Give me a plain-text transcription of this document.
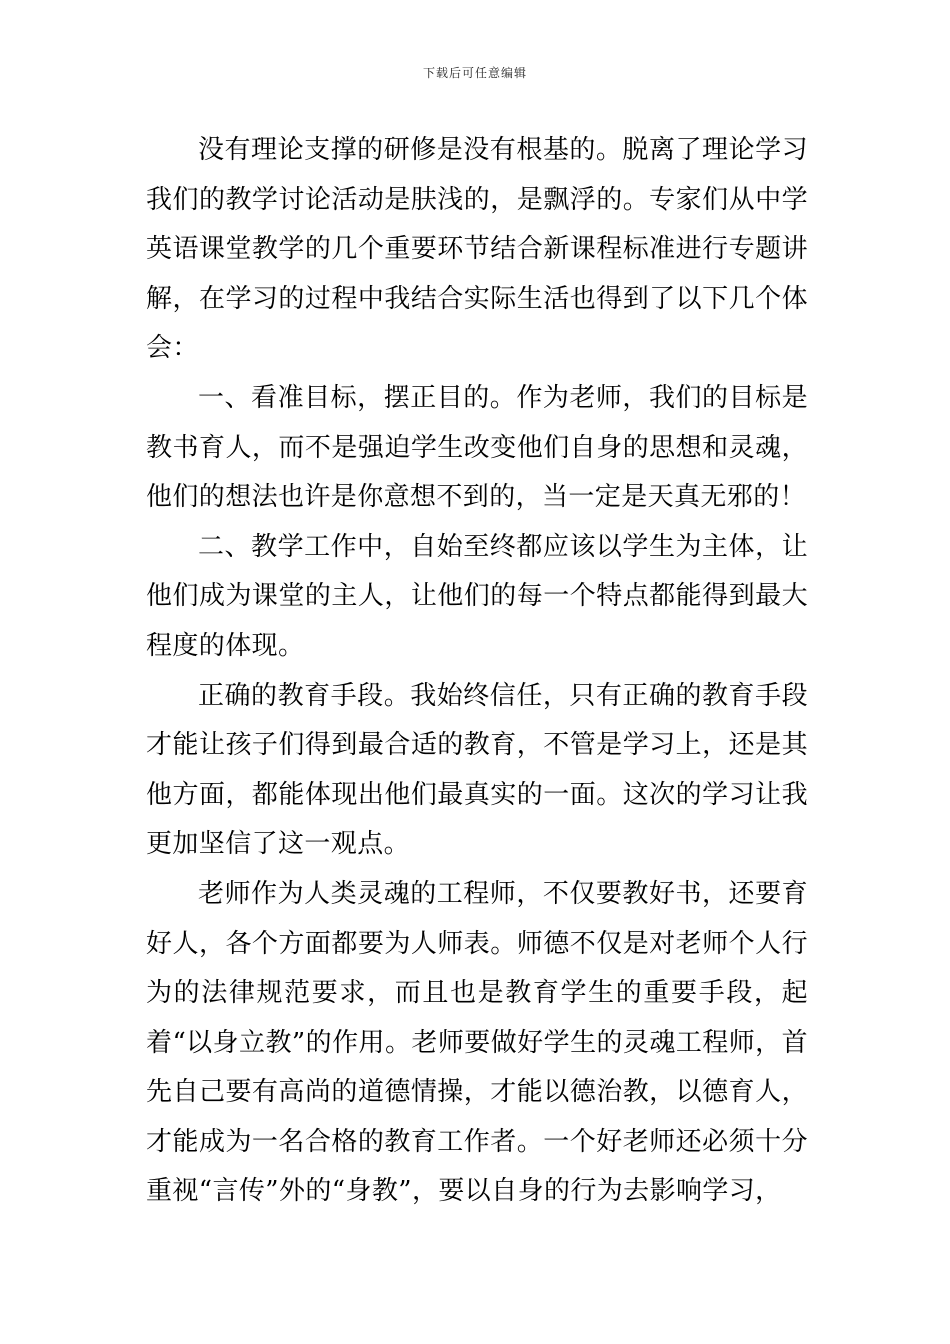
下载后可任意编辑

没有理论支撑的研修是没有根基的。脱离了理论学习我们的教学讨论活动是肤浅的，是飘浮的。专家们从中学英语课堂教学的几个重要环节结合新课程标准进行专题讲解，在学习的过程中我结合实际生活也得到了以下几个体会：

一、看准目标，摆正目的。作为老师，我们的目标是教书育人，而不是强迫学生改变他们自身的思想和灵魂，他们的想法也许是你意想不到的，当一定是天真无邪的！

二、教学工作中，自始至终都应该以学生为主体，让他们成为课堂的主人，让他们的每一个特点都能得到最大程度的体现。

正确的教育手段。我始终信任，只有正确的教育手段才能让孩子们得到最合适的教育，不管是学习上，还是其他方面，都能体现出他们最真实的一面。这次的学习让我更加坚信了这一观点。

老师作为人类灵魂的工程师，不仅要教好书，还要育好人，各个方面都要为人师表。师德不仅是对老师个人行为的法律规范要求，而且也是教育学生的重要手段，起着“以身立教”的作用。老师要做好学生的灵魂工程师，首先自己要有高尚的道德情操，才能以德治教，以德育人，才能成为一名合格的教育工作者。一个好老师还必须十分重视“言传”外的“身教”，要以自身的行为去影响学习，
